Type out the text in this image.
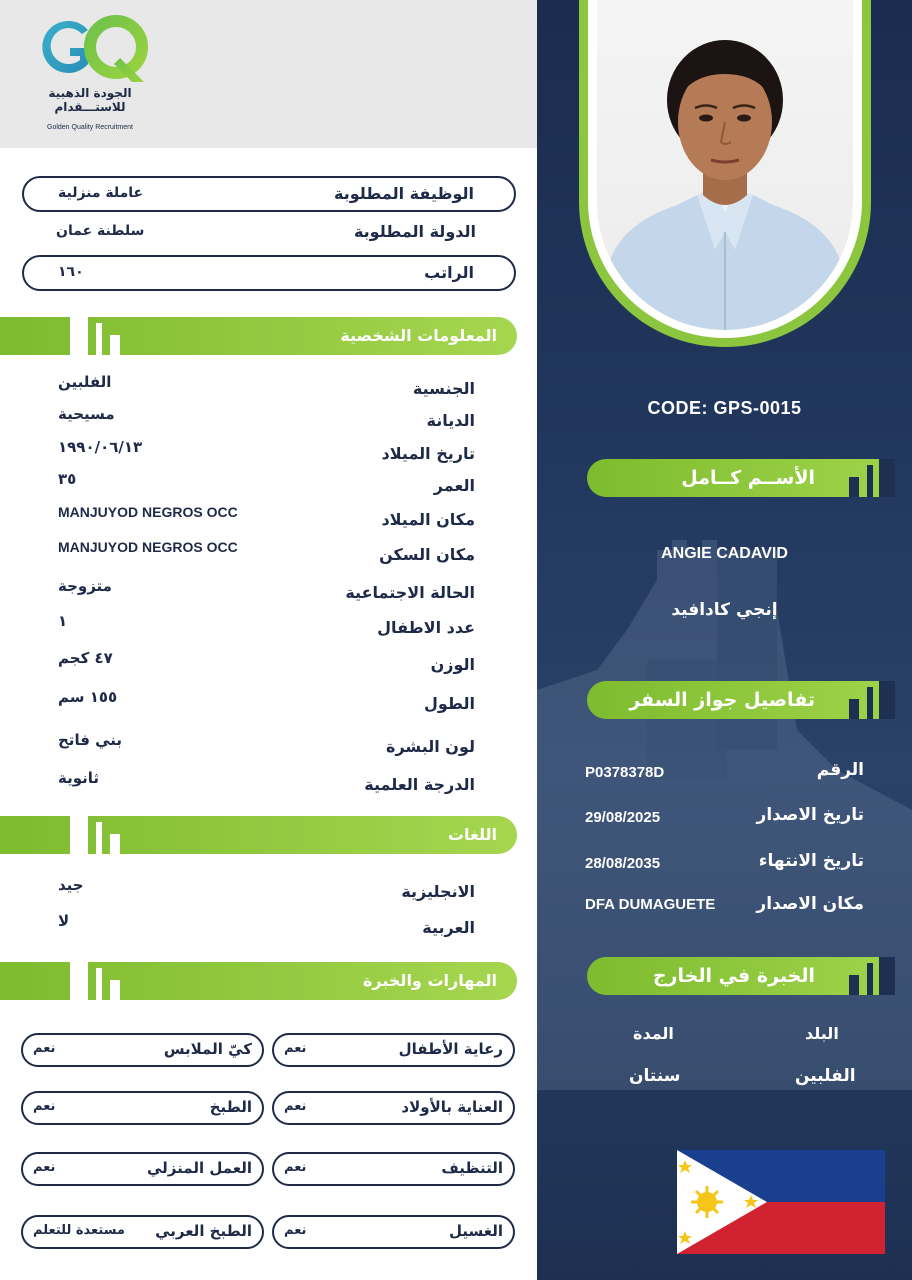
الجودة الذهبية
للاستـــقدام
Golden Quality Recruitment
الوظيفة المطلوبة
عاملة منزلية
الدولة المطلوبة
سلطنة عمان
الراتب
١٦٠
المعلومات الشخصية
الجنسية
الفلبين
الديانة
مسيحية
تاريخ الميلاد
١٩٩٠/٠٦/١٣
العمر
٣٥
مكان الميلاد
MANJUYOD NEGROS OCC
مكان السكن
MANJUYOD NEGROS OCC
الحالة الاجتماعية
متزوجة
عدد الاطفال
١
الوزن
٤٧ كجم
الطول
١٥٥ سم
لون البشرة
بني فاتح
الدرجة العلمية
ثانوية
اللغات
الانجليزية
جيد
العربية
لا
المهارات والخبرة
رعاية الأطفال
نعم
كيّ الملابس
نعم
العناية بالأولاد
نعم
الطبخ
نعم
التنظيف
نعم
العمل المنزلي
نعم
الغسيل
نعم
الطبخ العربي
مستعدة للتعلم
CODE: GPS-0015
الأســم كــامل
ANGIE CADAVID
إنجي كادافيد
تفاصيل جواز السفر
الرقم
P0378378D
تاريخ الاصدار
29/08/2025
تاريخ الانتهاء
28/08/2035
مكان الاصدار
DFA DUMAGUETE
الخبرة في الخارج
البلد
المدة
الفلبين
سنتان
